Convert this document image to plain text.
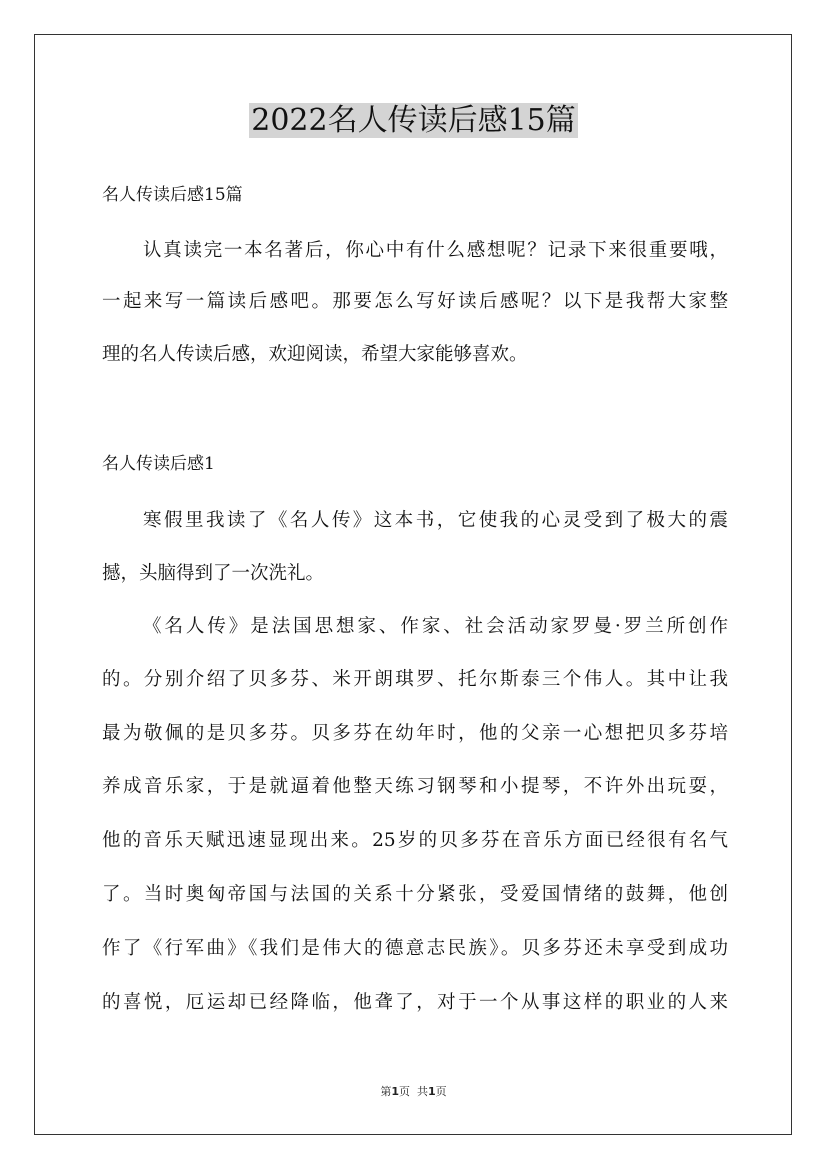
2022名人传读后感15篇
名人传读后感15篇
认真读完一本名著后，你心中有什么感想呢？记录下来很重要哦，
一起来写一篇读后感吧。那要怎么写好读后感呢？以下是我帮大家整
理的名人传读后感，欢迎阅读，希望大家能够喜欢。
名人传读后感1
寒假里我读了《名人传》这本书，它使我的心灵受到了极大的震
撼，头脑得到了一次洗礼。
《名人传》是法国思想家、作家、社会活动家罗曼·罗兰所创作
的。分别介绍了贝多芬、米开朗琪罗、托尔斯泰三个伟人。其中让我
最为敬佩的是贝多芬。贝多芬在幼年时，他的父亲一心想把贝多芬培
养成音乐家，于是就逼着他整天练习钢琴和小提琴，不许外出玩耍，
他的音乐天赋迅速显现出来。25岁的贝多芬在音乐方面已经很有名气
了。当时奥匈帝国与法国的关系十分紧张，受爱国情绪的鼓舞，他创
作了《行军曲》《我们是伟大的德意志民族》。贝多芬还未享受到成功
的喜悦，厄运却已经降临，他聋了，对于一个从事这样的职业的人来
第1页 共1页
